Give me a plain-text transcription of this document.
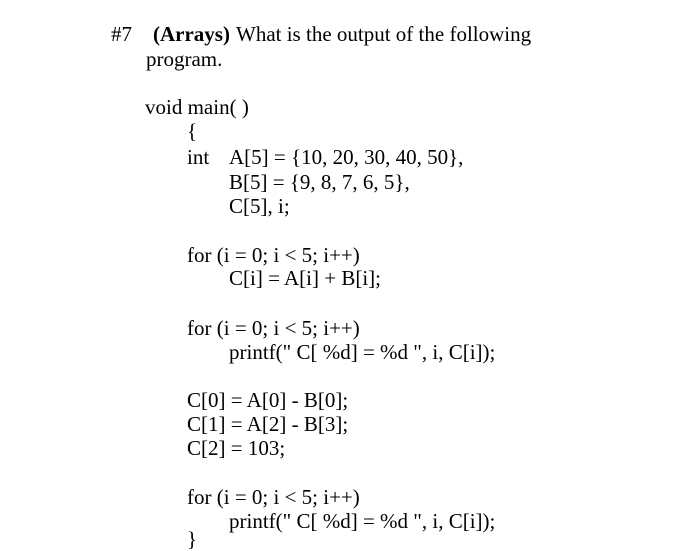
#7 (Arrays) What is the output of the following
program.
void main( )
{
int A[5] = {10, 20, 30, 40, 50},
B[5] = {9, 8, 7, 6, 5},
C[5], i;
for (i = 0; i < 5; i++)
C[i] = A[i] + B[i];
for (i = 0; i < 5; i++)
printf(" C[ %d] = %d ", i, C[i]);
C[0] = A[0] - B[0];
C[1] = A[2] - B[3];
C[2] = 103;
for (i = 0; i < 5; i++)
printf(" C[ %d] = %d ", i, C[i]);
}
